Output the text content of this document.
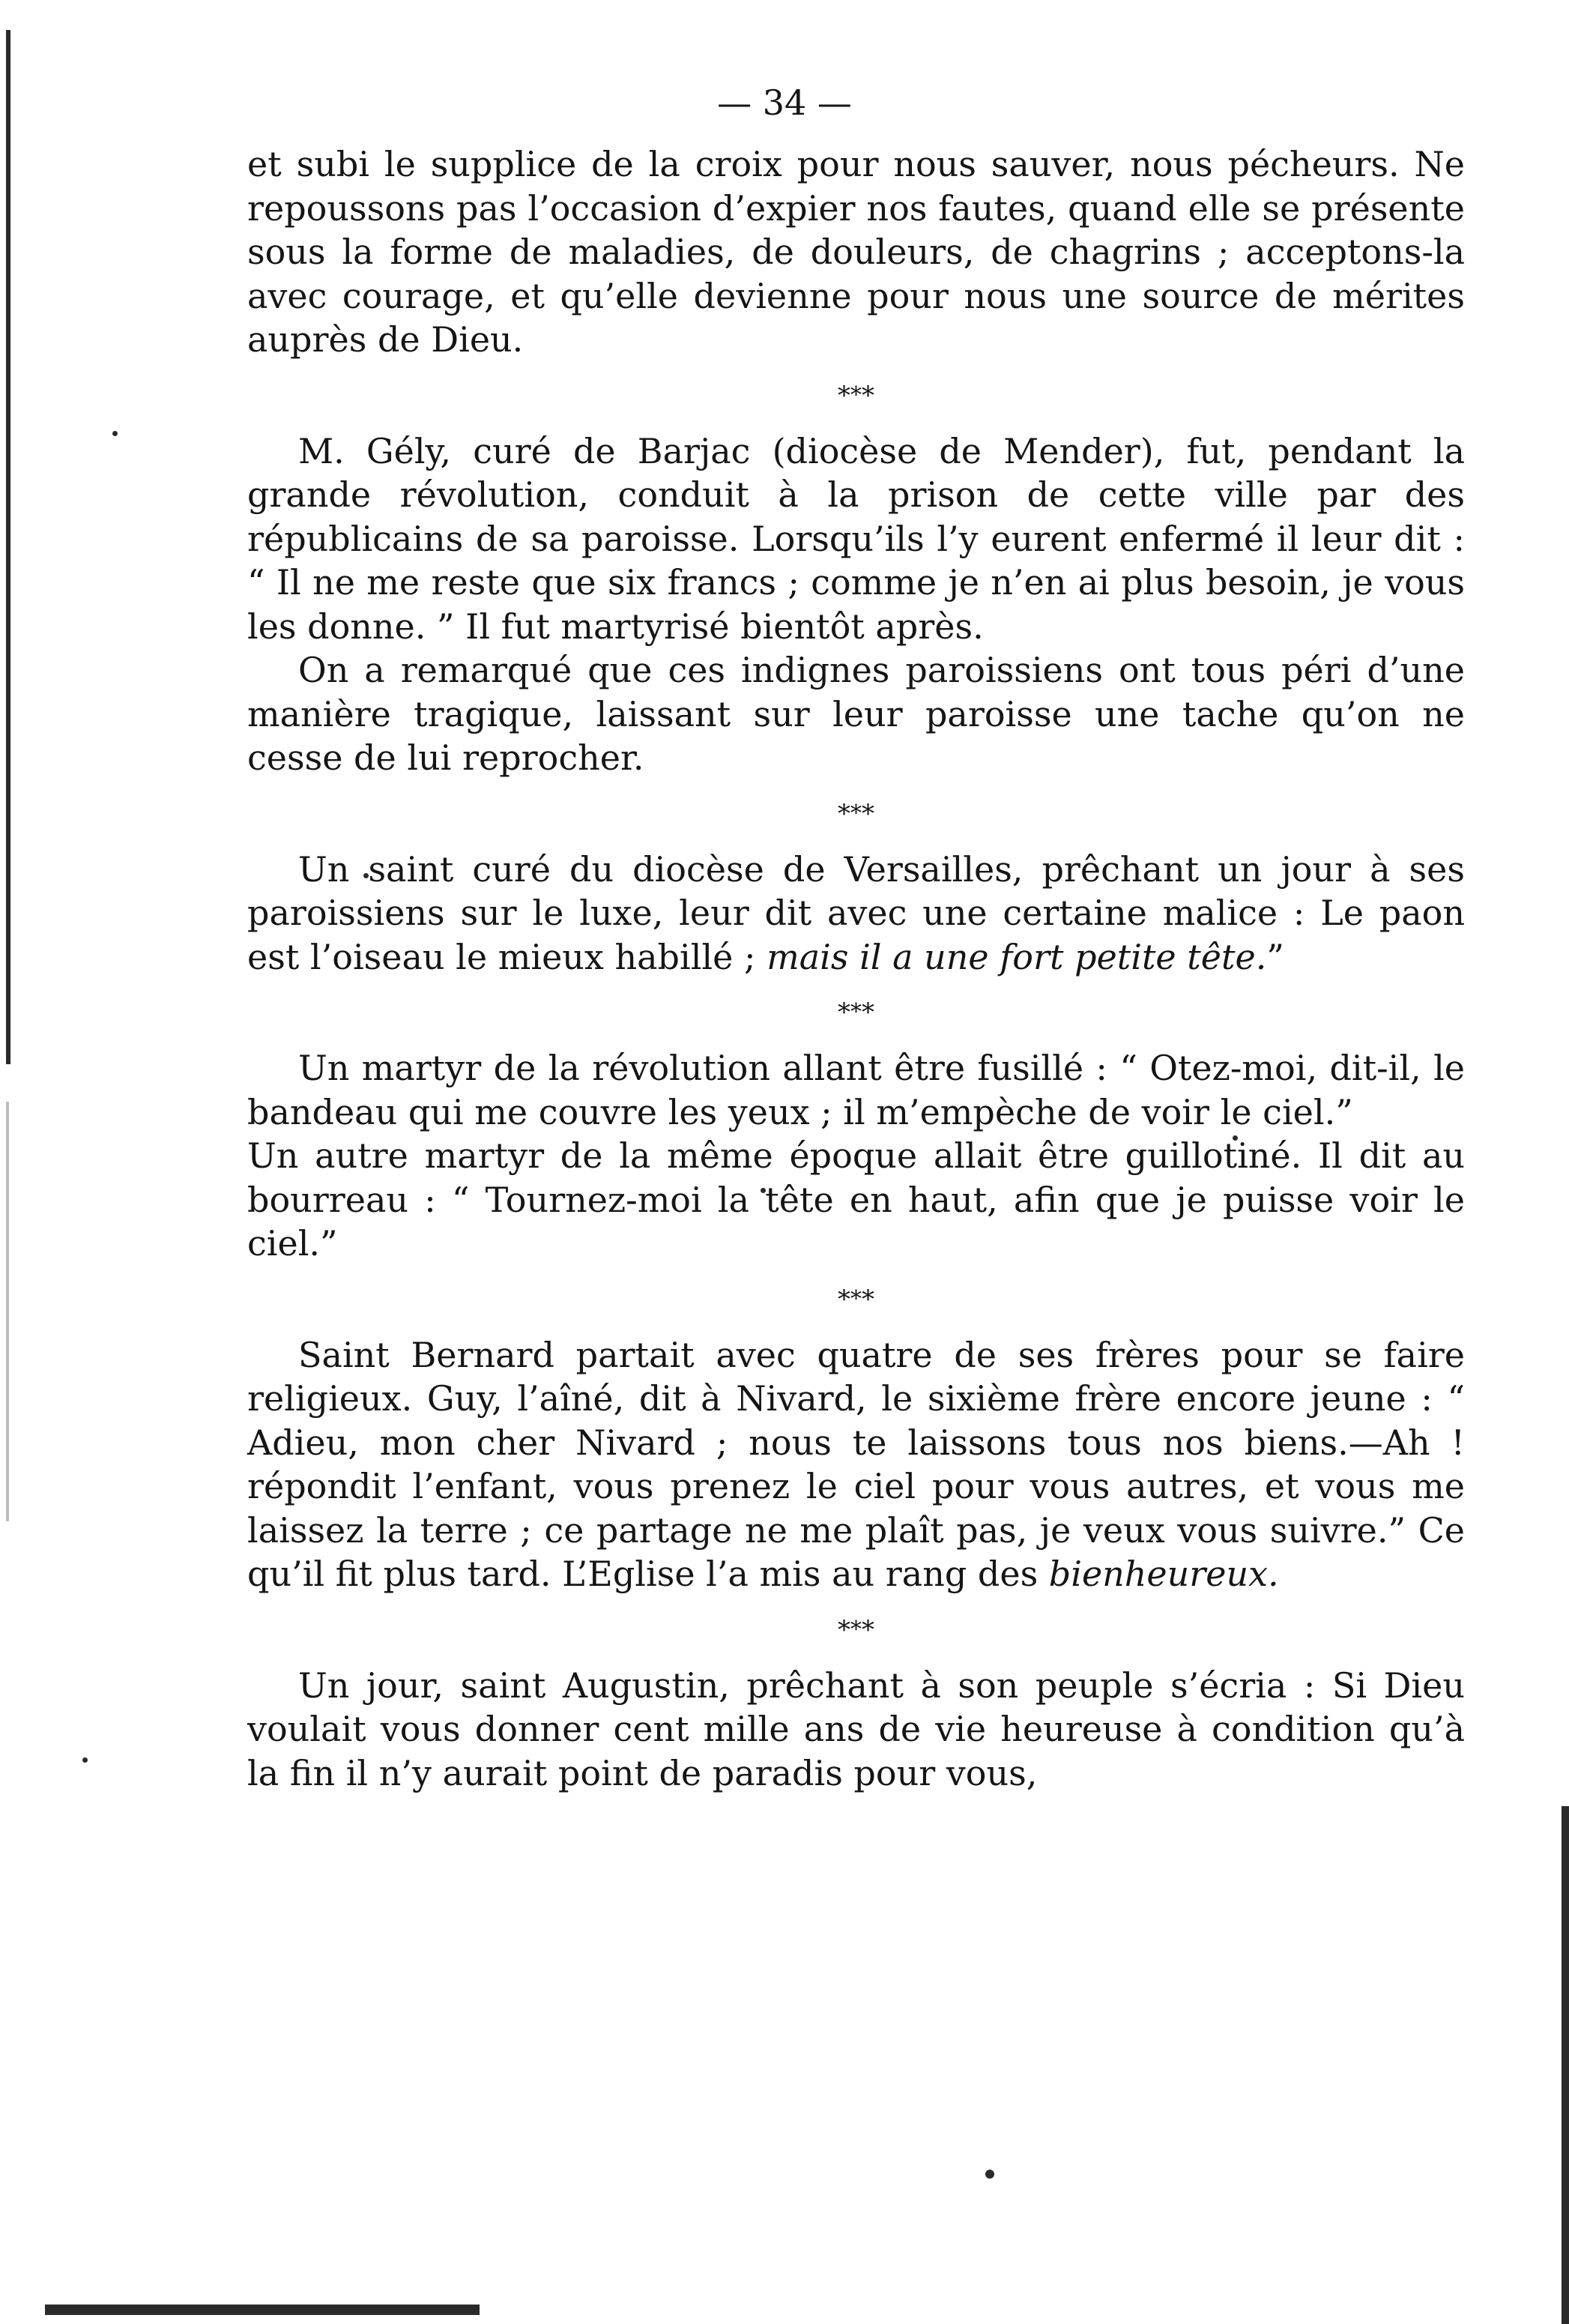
— 34 —
et subi le supplice de la croix pour nous sauver, nous pécheurs. Ne repoussons pas l’occasion d’expier nos fautes, quand elle se présente sous la forme de maladies, de douleurs, de chagrins ; acceptons-la avec courage, et qu’elle devienne pour nous une source de mérites auprès de Dieu.
* * *
M. Gély, curé de Barjac (diocèse de Mender), fut, pendant la grande révolution, conduit à la prison de cette ville par des républicains de sa paroisse. Lorsqu’ils l’y eurent enfermé il leur dit : “ Il ne me reste que six francs ; comme je n’en ai plus besoin, je vous les donne. ” Il fut martyrisé bientôt après.
On a remarqué que ces indignes paroissiens ont tous péri d’une manière tragique, laissant sur leur paroisse une tache qu’on ne cesse de lui reprocher.
* * *
Un saint curé du diocèse de Versailles, prêchant un jour à ses paroissiens sur le luxe, leur dit avec une certaine malice : Le paon est l’oiseau le mieux habillé ; mais il a une fort petite tête.”
* * *
Un martyr de la révolution allant être fusillé : “ Otez-moi, dit-il, le bandeau qui me couvre les yeux ; il m’empèche de voir le ciel.”
Un autre martyr de la même époque allait être guillotiné. Il dit au bourreau : “ Tournez-moi la tête en haut, afin que je puisse voir le ciel.”
* * *
Saint Bernard partait avec quatre de ses frères pour se faire religieux. Guy, l’aîné, dit à Nivard, le sixième frère encore jeune : “ Adieu, mon cher Nivard ; nous te laissons tous nos biens.—Ah ! répondit l’enfant, vous prenez le ciel pour vous autres, et vous me laissez la terre ; ce partage ne me plaît pas, je veux vous suivre.” Ce qu’il fit plus tard. L’Eglise l’a mis au rang des bienheureux.
* * *
Un jour, saint Augustin, prêchant à son peuple s’écria : Si Dieu voulait vous donner cent mille ans de vie heureuse à condition qu’à la fin il n’y aurait point de paradis pour vous,
